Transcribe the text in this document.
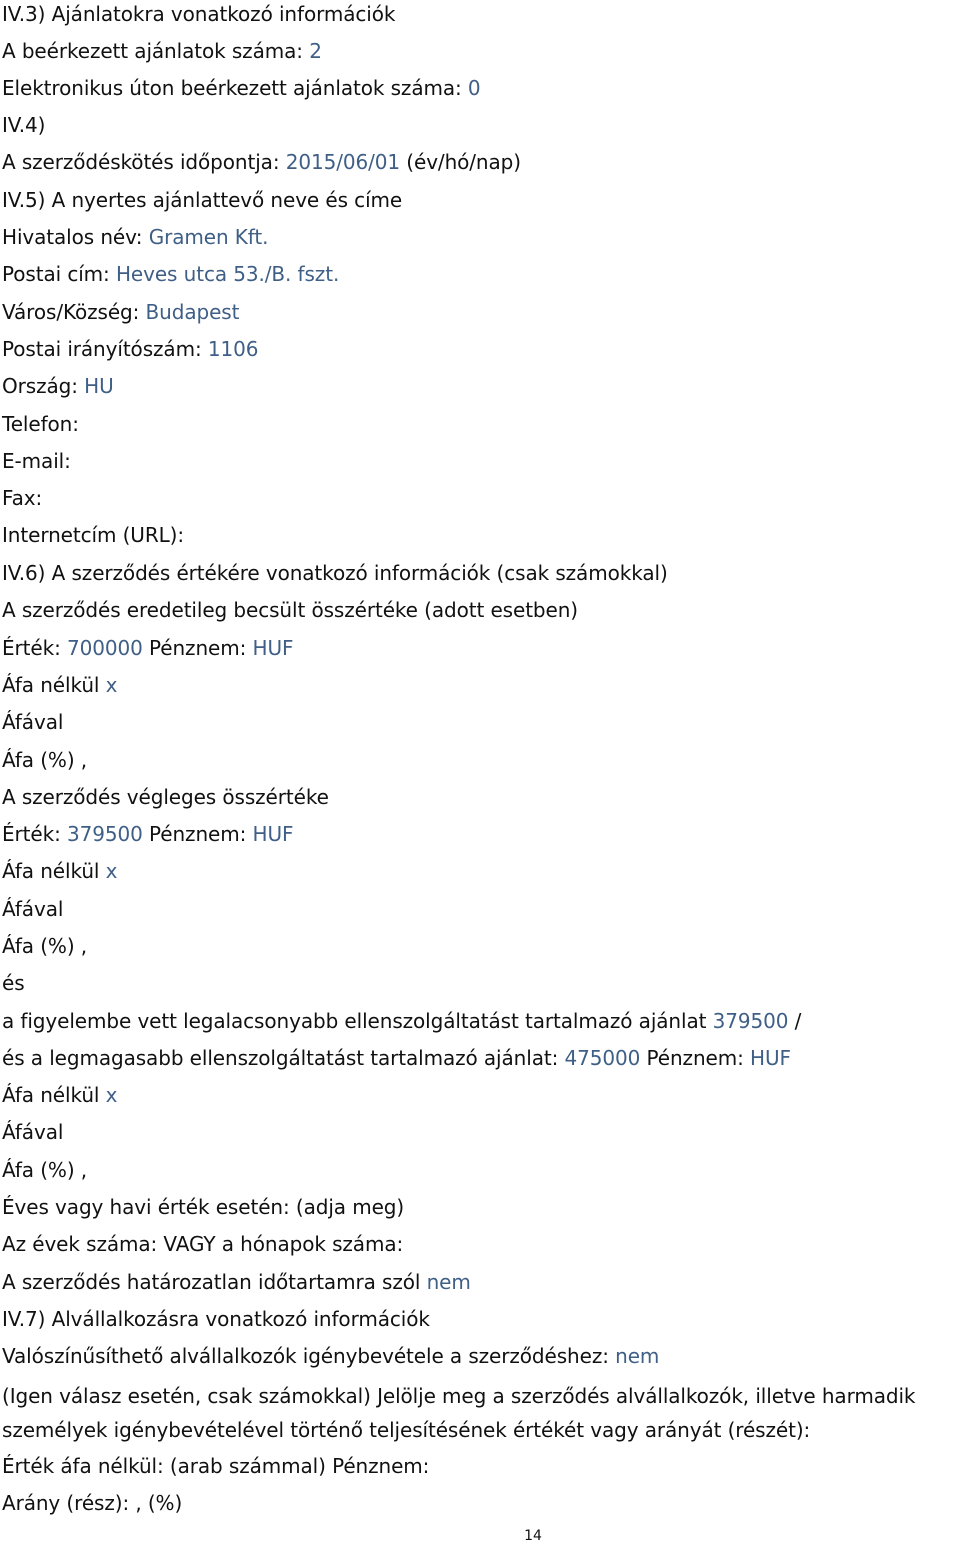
IV.3) Ajánlatokra vonatkozó információk
A beérkezett ajánlatok száma: 2
Elektronikus úton beérkezett ajánlatok száma: 0
IV.4)
A szerződéskötés időpontja: 2015/06/01 (év/hó/nap)
IV.5) A nyertes ajánlattevő neve és címe
Hivatalos név: Gramen Kft.
Postai cím: Heves utca 53./B. fszt.
Város/Község: Budapest
Postai irányítószám: 1106
Ország: HU
Telefon:
E-mail:
Fax:
Internetcím (URL):
IV.6) A szerződés értékére vonatkozó információk (csak számokkal)
A szerződés eredetileg becsült összértéke (adott esetben)
Érték: 700000 Pénznem: HUF
Áfa nélkül x
Áfával
Áfa (%) ,
A szerződés végleges összértéke
Érték: 379500 Pénznem: HUF
Áfa nélkül x
Áfával
Áfa (%) ,
és
a figyelembe vett legalacsonyabb ellenszolgáltatást tartalmazó ajánlat 379500 /
és a legmagasabb ellenszolgáltatást tartalmazó ajánlat: 475000 Pénznem: HUF
Áfa nélkül x
Áfával
Áfa (%) ,
Éves vagy havi érték esetén: (adja meg)
Az évek száma: VAGY a hónapok száma:
A szerződés határozatlan időtartamra szól nem
IV.7) Alvállalkozásra vonatkozó információk
Valószínűsíthető alvállalkozók igénybevétele a szerződéshez: nem
(Igen válasz esetén, csak számokkal) Jelölje meg a szerződés alvállalkozók, illetve harmadik személyek igénybevételével történő teljesítésének értékét vagy arányát (részét):
Érték áfa nélkül: (arab számmal) Pénznem:
Arány (rész): , (%)
14
